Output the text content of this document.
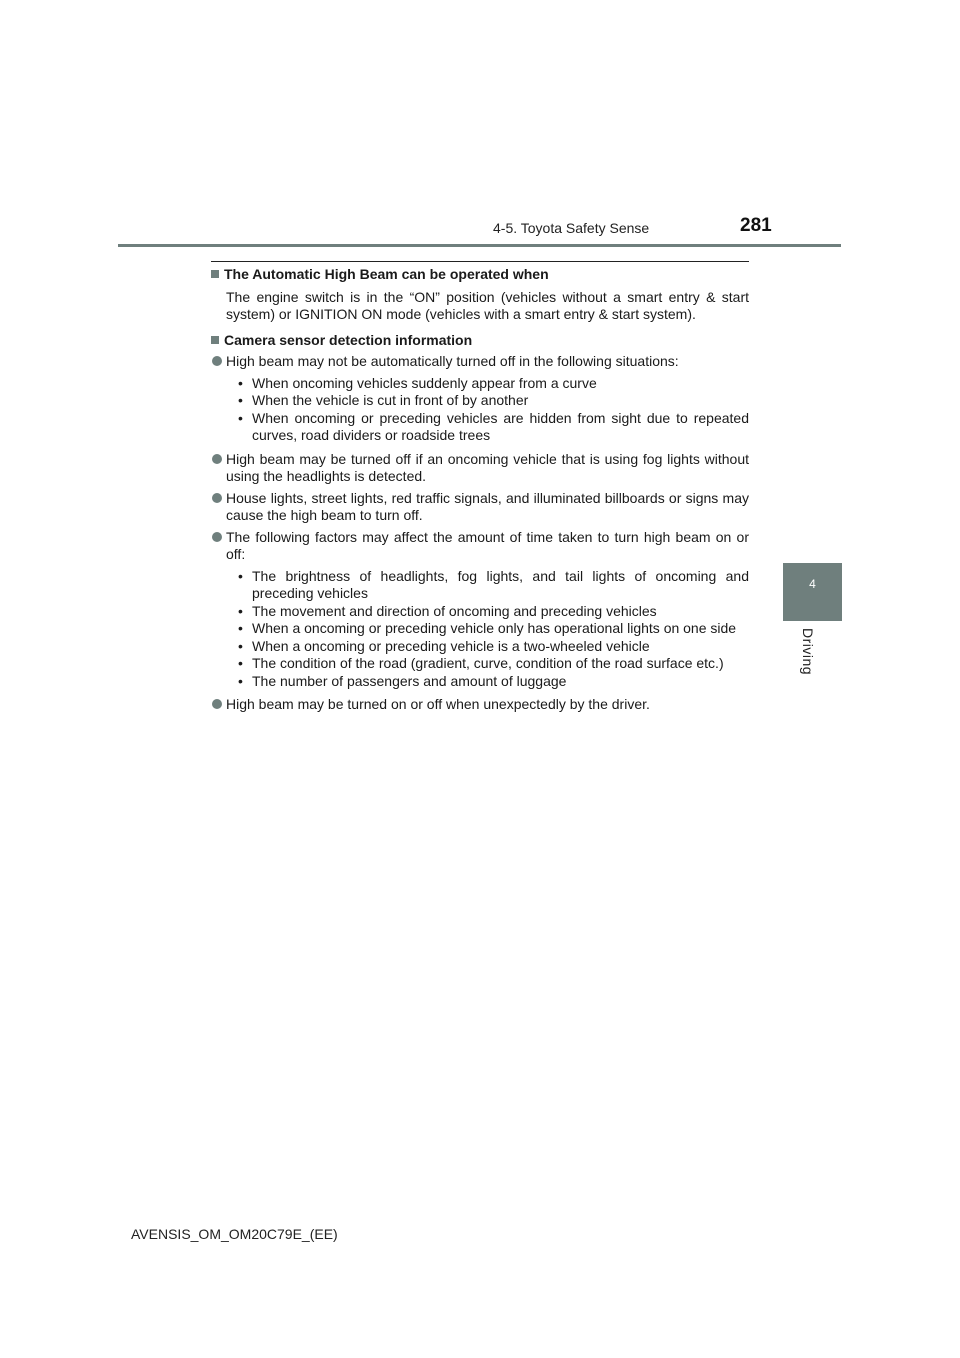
4-5. Toyota Safety Sense	281
4
Driving
The Automatic High Beam can be operated when
The engine switch is in the “ON” position (vehicles without a smart entry & start system) or IGNITION ON mode (vehicles with a smart entry & start system).
Camera sensor detection information
High beam may not be automatically turned off in the following situations:
• When oncoming vehicles suddenly appear from a curve
• When the vehicle is cut in front of by another
• When oncoming or preceding vehicles are hidden from sight due to repeated curves, road dividers or roadside trees
High beam may be turned off if an oncoming vehicle that is using fog lights without using the headlights is detected.
House lights, street lights, red traffic signals, and illuminated billboards or signs may cause the high beam to turn off.
The following factors may affect the amount of time taken to turn high beam on or off:
• The brightness of headlights, fog lights, and tail lights of oncoming and preceding vehicles
• The movement and direction of oncoming and preceding vehicles
• When a oncoming or preceding vehicle only has operational lights on one side
• When a oncoming or preceding vehicle is a two-wheeled vehicle
• The condition of the road (gradient, curve, condition of the road surface etc.)
• The number of passengers and amount of luggage
High beam may be turned on or off when unexpectedly by the driver.
AVENSIS_OM_OM20C79E_(EE)
